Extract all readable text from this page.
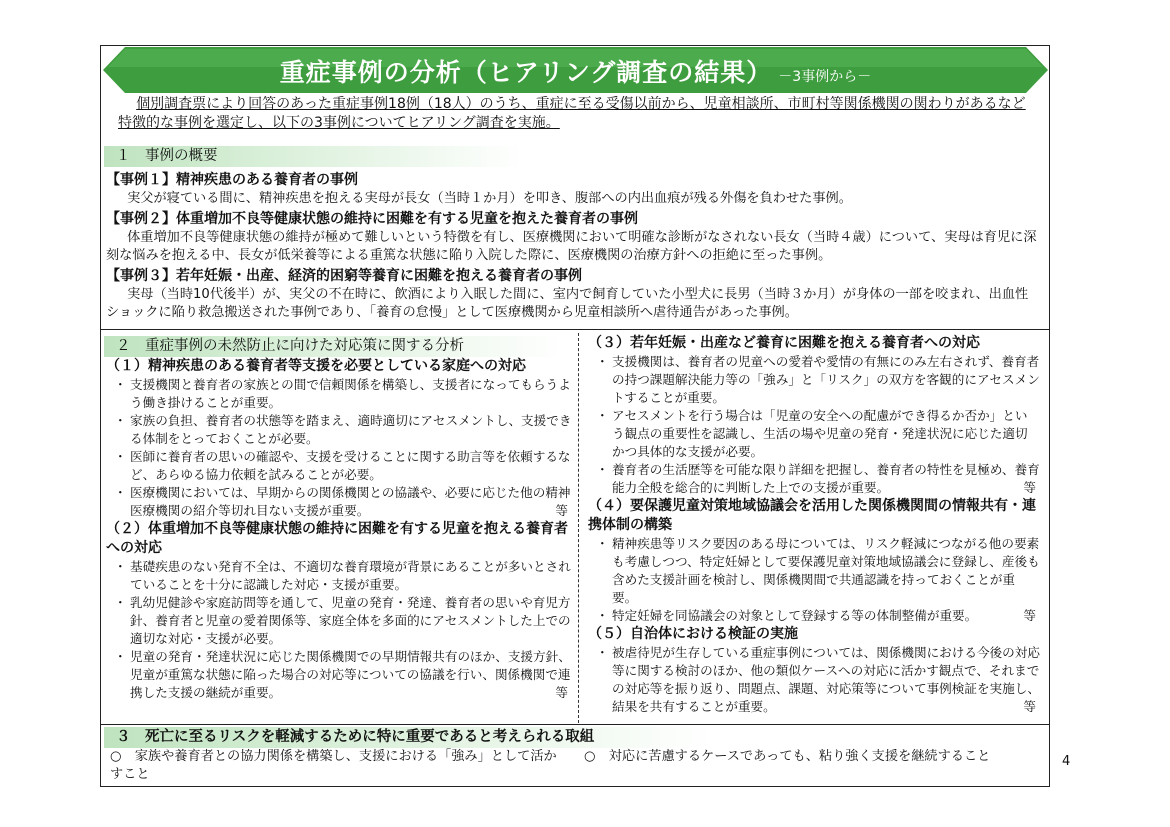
重症事例の分析（ヒアリング調査の結果） －3事例から－

個別調査票により回答のあった重症事例18例（18人）のうち、重症に至る受傷以前から、児童相談所、市町村等関係機関の関わりがあるなど

特徴的な事例を選定し、以下の3事例についてヒアリング調査を実施。

１　事例の概要

【事例１】精神疾患のある養育者の事例

実父が寝ている間に、精神疾患を抱える実母が長女（当時１か月）を叩き、腹部への内出血痕が残る外傷を負わせた事例。

【事例２】体重増加不良等健康状態の維持に困難を有する児童を抱えた養育者の事例

体重増加不良等健康状態の維持が極めて難しいという特徴を有し、医療機関において明確な診断がなされない長女（当時４歳）について、実母は育児に深刻な悩みを抱える中、長女が低栄養等による重篤な状態に陥り入院した際に、医療機関の治療方針への拒絶に至った事例。

【事例３】若年妊娠・出産、経済的困窮等養育に困難を抱える養育者の事例

実母（当時10代後半）が、実父の不在時に、飲酒により入眠した間に、室内で飼育していた小型犬に長男（当時３か月）が身体の一部を咬まれ、出血性ショックに陥り救急搬送された事例であり、「養育の怠慢」として医療機関から児童相談所へ虐待通告があった事例。

２　重症事例の未然防止に向けた対応策に関する分析
（１）精神疾患のある養育者等支援を必要としている家庭への対応

・ 支援機関と養育者の家族との間で信頼関係を構築し、支援者になってもらうよう働き掛けることが重要。

・ 家族の負担、養育者の状態等を踏まえ、適時適切にアセスメントし、支援できる体制をとっておくことが必要。

・ 医師に養育者の思いの確認や、支援を受けることに関する助言等を依頼するなど、あらゆる協力依頼を試みることが必要。

・ 医療機関においては、早期からの関係機関との協議や、必要に応じた他の精神医療機関の紹介等切れ目ない支援が重要。	等

（２）体重増加不良等健康状態の維持に困難を有する児童を抱える養育者への対応

・ 基礎疾患のない発育不全は、不適切な養育環境が背景にあることが多いとされていることを十分に認識した対応・支援が重要。

・ 乳幼児健診や家庭訪問等を通して、児童の発育・発達、養育者の思いや育児方針、養育者と児童の愛着関係等、家庭全体を多面的にアセスメントした上での適切な対応・支援が必要。

・ 児童の発育・発達状況に応じた関係機関での早期情報共有のほか、支援方針、児童が重篤な状態に陥った場合の対応等についての協議を行い、関係機関で連携した支援の継続が重要。	等

（３）若年妊娠・出産など養育に困難を抱える養育者への対応

・ 支援機関は、養育者の児童への愛着や愛情の有無にのみ左右されず、養育者の持つ課題解決能力等の「強み」と「リスク」の双方を客観的にアセスメントすることが重要。

・ アセスメントを行う場合は「児童の安全への配慮ができ得るか否か」という観点の重要性を認識し、生活の場や児童の発育・発達状況に応じた適切かつ具体的な支援が必要。

・ 養育者の生活歴等を可能な限り詳細を把握し、養育者の特性を見極め、養育能力全般を総合的に判断した上での支援が重要。	等

（４）要保護児童対策地域協議会を活用した関係機関間の情報共有・連携体制の構築

・ 精神疾患等リスク要因のある母については、リスク軽減につながる他の要素も考慮しつつ、特定妊婦として要保護児童対策地域協議会に登録し、産後も含めた支援計画を検討し、関係機関間で共通認識を持っておくことが重要。

・ 特定妊婦を同協議会の対象として登録する等の体制整備が重要。	等

（５）自治体における検証の実施

・ 被虐待児が生存している重症事例については、関係機関における今後の対応等に関する検討のほか、他の類似ケースへの対応に活かす観点で、それまでの対応等を振り返り、問題点、課題、対応策等について事例検証を実施し、結果を共有することが重要。	等

３　死亡に至るリスクを軽減するために特に重要であると考えられる取組
○　家族や養育者との協力関係を構築し、支援における「強み」として活かすこと
○　対応に苦慮するケースであっても、粘り強く支援を継続すること	4
